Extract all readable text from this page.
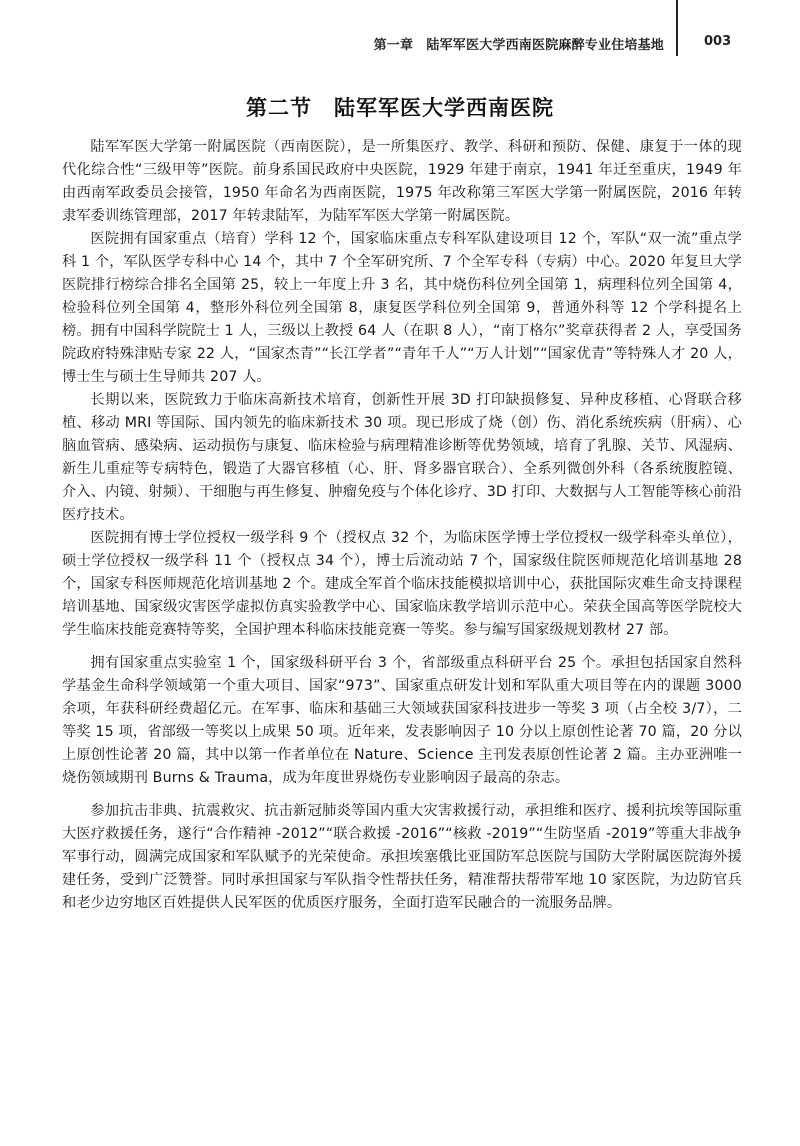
第一章　陆军军医大学西南医院麻醉专业住培基地	003
第二节　陆军军医大学西南医院

陆军军医大学第一附属医院（西南医院），是一所集医疗、教学、科研和预防、保健、康复于一体的现代化综合性“三级甲等”医院。前身系国民政府中央医院，1929 年建于南京，1941 年迁至重庆，1949 年由西南军政委员会接管，1950 年命名为西南医院，1975 年改称第三军医大学第一附属医院，2016 年转隶军委训练管理部，2017 年转隶陆军，为陆军军医大学第一附属医院。

医院拥有国家重点（培育）学科 12 个，国家临床重点专科军队建设项目 12 个，军队“双一流”重点学科 1 个，军队医学专科中心 14 个，其中 7 个全军研究所、7 个全军专科（专病）中心。2020 年复旦大学医院排行榜综合排名全国第 25，较上一年度上升 3 名，其中烧伤科位列全国第 1，病理科位列全国第 4，检验科位列全国第 4，整形外科位列全国第 8，康复医学科位列全国第 9，普通外科等 12 个学科提名上榜。拥有中国科学院院士 1 人，三级以上教授 64 人（在职 8 人），“南丁格尔”奖章获得者 2 人，享受国务院政府特殊津贴专家 22 人，“国家杰青”“长江学者”“青年千人”“万人计划”“国家优青”等特殊人才 20 人，博士生与硕士生导师共 207 人。

长期以来，医院致力于临床高新技术培育，创新性开展 3D 打印缺损修复、异种皮移植、心肾联合移植、移动 MRI 等国际、国内领先的临床新技术 30 项。现已形成了烧（创）伤、消化系统疾病（肝病）、心脑血管病、感染病、运动损伤与康复、临床检验与病理精准诊断等优势领域，培育了乳腺、关节、风湿病、新生儿重症等专病特色，锻造了大器官移植（心、肝、肾多器官联合）、全系列微创外科（各系统腹腔镜、介入、内镜、射频）、干细胞与再生修复、肿瘤免疫与个体化诊疗、3D 打印、大数据与人工智能等核心前沿医疗技术。

医院拥有博士学位授权一级学科 9 个（授权点 32 个，为临床医学博士学位授权一级学科牵头单位），硕士学位授权一级学科 11 个（授权点 34 个），博士后流动站 7 个，国家级住院医师规范化培训基地 28 个，国家专科医师规范化培训基地 2 个。建成全军首个临床技能模拟培训中心，获批国际灾难生命支持课程培训基地、国家级灾害医学虚拟仿真实验教学中心、国家临床教学培训示范中心。荣获全国高等医学院校大学生临床技能竞赛特等奖，全国护理本科临床技能竞赛一等奖。参与编写国家级规划教材 27 部。

拥有国家重点实验室 1 个，国家级科研平台 3 个，省部级重点科研平台 25 个。承担包括国家自然科学基金生命科学领域第一个重大项目、国家“973”、国家重点研发计划和军队重大项目等在内的课题 3000 余项，年获科研经费超亿元。在军事、临床和基础三大领域获国家科技进步一等奖 3 项（占全校 3/7），二等奖 15 项，省部级一等奖以上成果 50 项。近年来，发表影响因子 10 分以上原创性论著 70 篇，20 分以上原创性论著 20 篇，其中以第一作者单位在 Nature、Science 主刊发表原创性论著 2 篇。主办亚洲唯一烧伤领域期刊 Burns & Trauma，成为年度世界烧伤专业影响因子最高的杂志。

参加抗击非典、抗震救灾、抗击新冠肺炎等国内重大灾害救援行动，承担维和医疗、援利抗埃等国际重大医疗救援任务，遂行“合作精神 -2012”“联合救援 -2016”“核救 -2019”“生防坚盾 -2019”等重大非战争军事行动，圆满完成国家和军队赋予的光荣使命。承担埃塞俄比亚国防军总医院与国防大学附属医院海外援建任务，受到广泛赞誉。同时承担国家与军队指令性帮扶任务，精准帮扶帮带军地 10 家医院，为边防官兵和老少边穷地区百姓提供人民军医的优质医疗服务，全面打造军民融合的一流服务品牌。
